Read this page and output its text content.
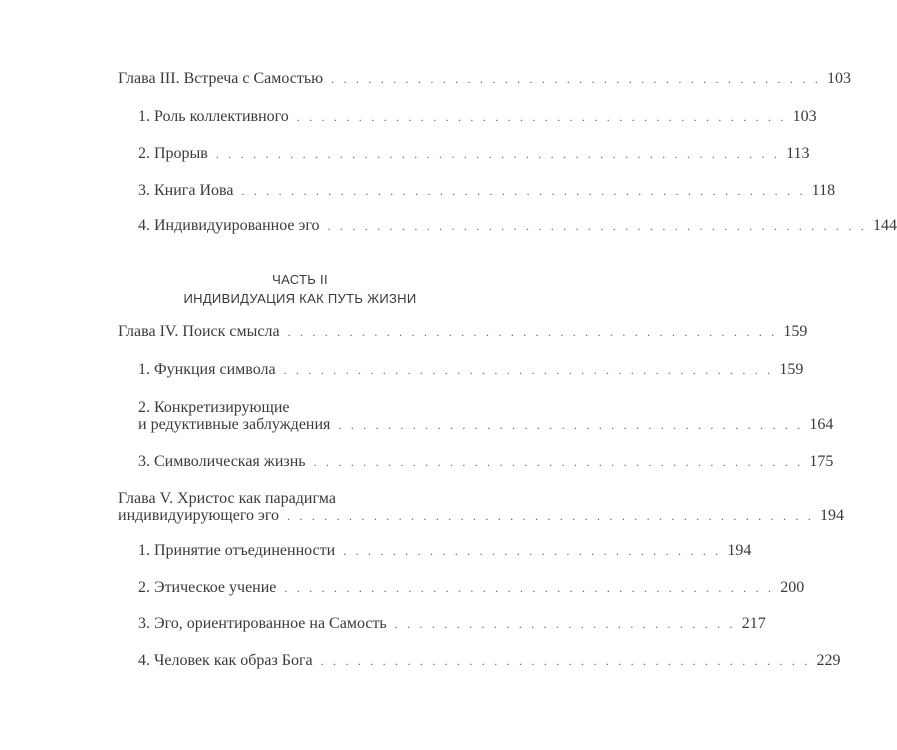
Глава III. Встреча с Самостью . . . . . . . . . . . . . . . . . . . . . . . . . . . . . . . . . . . . . . . . 103
1. Роль коллективного . . . . . . . . . . . . . . . . . . . . . . . . . . . . . . . . . . . . . . . . 103
2. Прорыв . . . . . . . . . . . . . . . . . . . . . . . . . . . . . . . . . . . . . . . . . . . . . . 113
3. Книга Иова . . . . . . . . . . . . . . . . . . . . . . . . . . . . . . . . . . . . . . . . . . . . . . 118
4. Индивидуированное эго . . . . . . . . . . . . . . . . . . . . . . . . . . . . . . . . . . . . . . . . . . . . 144
ЧАСТЬ II
ИНДИВИДУАЦИЯ КАК ПУТЬ ЖИЗНИ
Глава IV. Поиск смысла . . . . . . . . . . . . . . . . . . . . . . . . . . . . . . . . . . . . . . . . 159
1. Функция символа . . . . . . . . . . . . . . . . . . . . . . . . . . . . . . . . . . . . . . . . 159
2. Конкретизирующие
и редуктивные заблуждения . . . . . . . . . . . . . . . . . . . . . . . . . . . . . . . . . . . . . . 164
3. Символическая жизнь . . . . . . . . . . . . . . . . . . . . . . . . . . . . . . . . . . . . . . . . 175
Глава V. Христос как парадигма
индивидуирующего эго . . . . . . . . . . . . . . . . . . . . . . . . . . . . . . . . . . . . . . . . . . . 194
1. Принятие отъединенности . . . . . . . . . . . . . . . . . . . . . . . . . . . . . . . 194
2. Этическое учение . . . . . . . . . . . . . . . . . . . . . . . . . . . . . . . . . . . . . . . . 200
3. Эго, ориентированное на Самость . . . . . . . . . . . . . . . . . . . . . . . . . . . . 217
4. Человек как образ Бога . . . . . . . . . . . . . . . . . . . . . . . . . . . . . . . . . . . . . . . . 229
